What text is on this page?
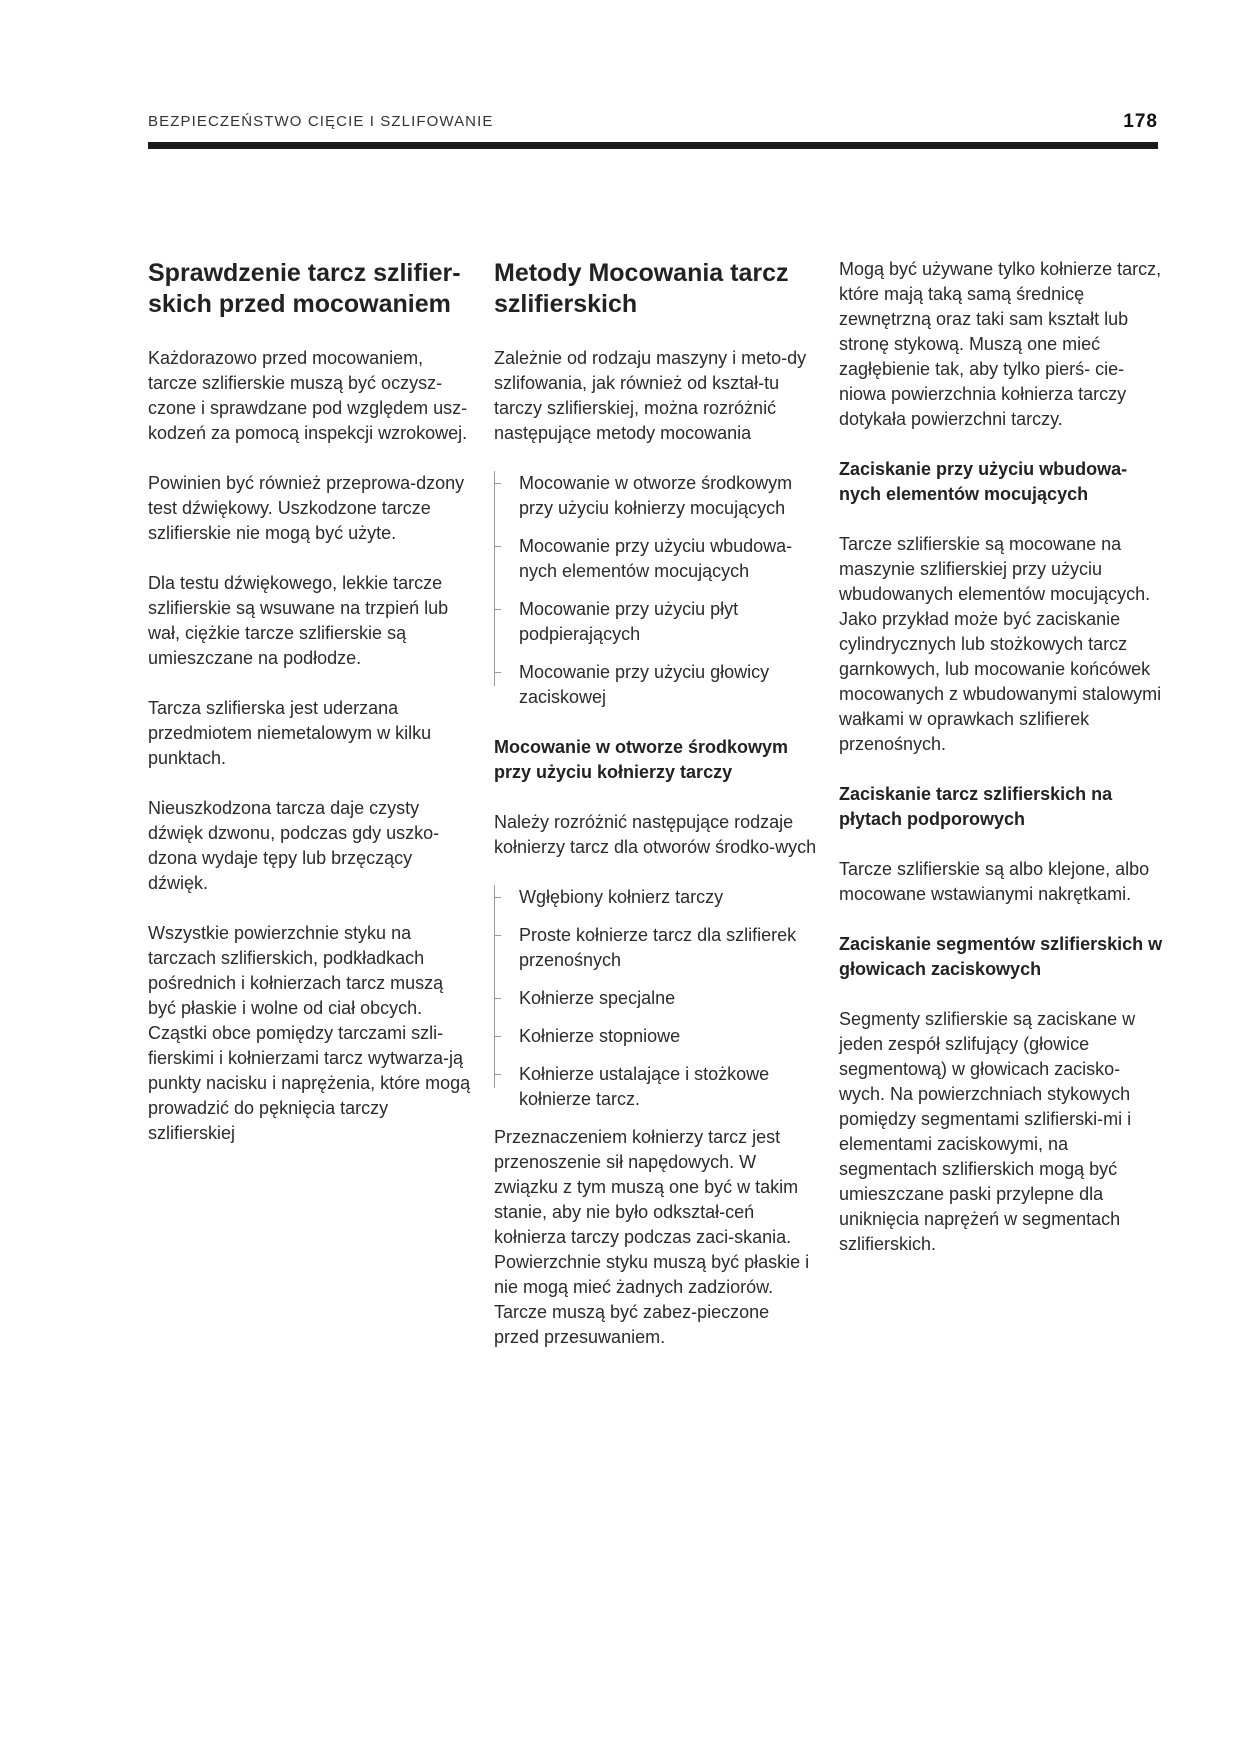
BEZPIECZEŃSTWO CIĘCIE I SZLIFOWANIE	178
Sprawdzenie tarcz szlifier-skich przed mocowaniem

Każdorazowo przed mocowaniem, tarcze szlifierskie muszą być oczysz-czone i sprawdzane pod względem usz- kodzeń za pomocą inspekcji wzrokowej.

Powinien być również przeprowa-dzony test dźwiękowy. Uszkodzone tarcze szlifierskie nie mogą być użyte.

Dla testu dźwiękowego, lekkie tarcze szlifierskie są wsuwane na trzpień lub wał, ciężkie tarcze szlifierskie są umieszczane na podłodze.

Tarcza szlifierska jest uderzana przedmiotem niemetalowym w kilku punktach.

Nieuszkodzona tarcza daje czysty dźwięk dzwonu, podczas gdy uszko-dzona wydaje tępy lub brzęczący dźwięk.

Wszystkie powierzchnie styku na tarczach szlifierskich, podkładkach pośrednich i kołnierzach tarcz muszą być płaskie i wolne od ciał obcych. Cząstki obce pomiędzy tarczami szli-fierskimi i kołnierzami tarcz wytwarza-ją punkty nacisku i naprężenia, które mogą prowadzić do pęknięcia tarczy szlifierskiej

Metody Mocowania tarcz szlifierskich

Zależnie od rodzaju maszyny i meto-dy szlifowania, jak również od kształ-tu tarczy szlifierskiej, można rozróżnić następujące metody mocowania

Mocowanie w otworze środkowym przy użyciu kołnierzy mocujących
Mocowanie przy użyciu wbudowa-nych elementów mocujących
Mocowanie przy użyciu płyt podpierających
Mocowanie przy użyciu głowicy zaciskowej
Mocowanie w otworze środkowym przy użyciu kołnierzy tarczy

Należy rozróżnić następujące rodzaje kołnierzy tarcz dla otworów środko-wych

Wgłębiony kołnierz tarczy
Proste kołnierze tarcz dla szlifierek przenośnych
Kołnierze specjalne
Kołnierze stopniowe
Kołnierze ustalające i stożkowe kołnierze tarcz.

Przeznaczeniem kołnierzy tarcz jest przenoszenie sił napędowych. W związku z tym muszą one być w takim stanie, aby nie było odkształ-ceń kołnierza tarczy podczas zaci-skania. Powierzchnie styku muszą być płaskie i nie mogą mieć żadnych zadziorów. Tarcze muszą być zabez-pieczone przed przesuwaniem.

Mogą być używane tylko kołnierze tarcz, które mają taką samą średnicę zewnętrzną oraz taki sam kształt lub stronę stykową. Muszą one mieć zagłębienie tak, aby tylko pierś- cie-niowa powierzchnia kołnierza tarczy dotykała powierzchni tarczy.

Zaciskanie przy użyciu wbudowa-nych elementów mocujących

Tarcze szlifierskie są mocowane na maszynie szlifierskiej przy użyciu wbudowanych elementów mocujących. Jako przykład może być zaciskanie cylindrycznych lub stożkowych tarcz garnkowych, lub mocowanie końcówek mocowanych z wbudowanymi stalowymi wałkami w oprawkach szlifierek przenośnych.

Zaciskanie tarcz szlifierskich na płytach podporowych

Tarcze szlifierskie są albo klejone, albo mocowane wstawianymi nakrętkami.

Zaciskanie segmentów szlifierskich w głowicach zaciskowych

Segmenty szlifierskie są zaciskane w jeden zespół szlifujący (głowice segmentową) w głowicach zacisko-wych. Na powierzchniach stykowych pomiędzy segmentami szlifierski-mi i elementami zaciskowymi, na segmentach szlifierskich mogą być umieszczane paski przylepne dla uniknięcia naprężeń w segmentach szlifierskich.
